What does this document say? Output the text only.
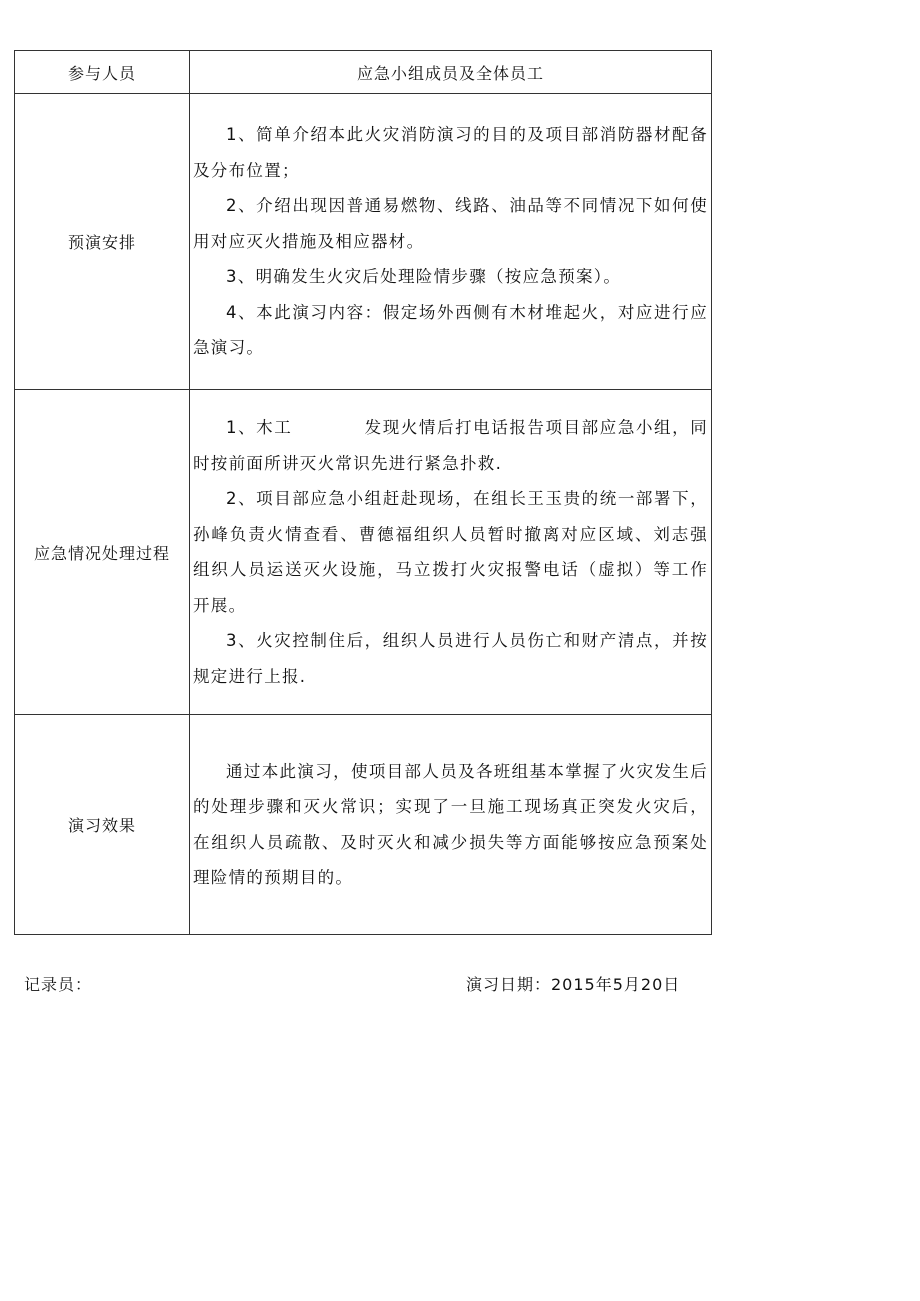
参与人员	应急小组成员及全体员工
预演安排	1、简单介绍本此火灾消防演习的目的及项目部消防器材配备及分布位置；

2、介绍出现因普通易燃物、线路、油品等不同情况下如何使用对应灭火措施及相应器材。

3、明确发生火灾后处理险情步骤（按应急预案）。

4、本此演习内容：假定场外西侧有木材堆起火，对应进行应急演习。

应急情况处理过程	1、木工 发现火情后打电话报告项目部应急小组，同时按前面所讲灭火常识先进行紧急扑救.

2、项目部应急小组赶赴现场，在组长王玉贵的统一部署下，孙峰负责火情查看、曹德福组织人员暂时撤离对应区域、刘志强组织人员运送灭火设施，马立拨打火灾报警电话（虚拟）等工作开展。

3、火灾控制住后，组织人员进行人员伤亡和财产清点，并按规定进行上报.

演习效果	通过本此演习，使项目部人员及各班组基本掌握了火灾发生后的处理步骤和灭火常识；实现了一旦施工现场真正突发火灾后，在组织人员疏散、及时灭火和减少损失等方面能够按应急预案处理险情的预期目的。

记录员：	演习日期：2015年5月20日
